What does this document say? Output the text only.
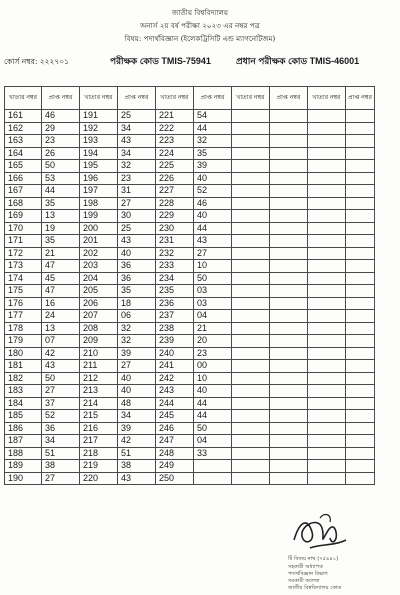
জাতীয় বিশ্ববিদ্যালয়
অনার্স ২য় বর্ষ পরীক্ষা ২০২৩ এর নম্বর পত্র
বিষয়: পদার্থবিজ্ঞান (ইলেকট্রিসিটি এন্ড ম্যাগনেটিজম)
কোর্স নম্বর: ২২২৭০১	পরীক্ষক কোড TMIS-75941	প্রধান পরীক্ষক কোড TMIS-46001
খাতার নম্বর	প্রাপ্ত নম্বর	খাতার নম্বর	প্রাপ্ত নম্বর	খাতার নম্বর	প্রাপ্ত নম্বর	খাতার নম্বর	প্রাপ্ত নম্বর	খাতার নম্বর	প্রাপ্ত নম্বর
161	46	191	25	221	54				
162	29	192	34	222	44				
163	23	193	43	223	32				
164	26	194	34	224	35				
165	50	195	32	225	39				
166	53	196	23	226	40				
167	44	197	31	227	52				
168	35	198	27	228	46				
169	13	199	30	229	40				
170	19	200	25	230	44				
171	35	201	43	231	43				
172	21	202	40	232	27				
173	47	203	36	233	10				
174	45	204	36	234	50				
175	47	205	35	235	03				
176	16	206	18	236	03				
177	24	207	06	237	04				
178	13	208	32	238	21				
179	07	209	32	239	20				
180	42	210	39	240	23				
181	43	211	27	241	00				
182	50	212	40	242	10				
183	27	213	40	243	40				
184	37	214	48	244	44				
185	52	215	34	245	44				
186	36	216	39	246	50				
187	34	217	42	247	04				
188	51	218	51	248	33				
189	38	219	38	249					
190	27	220	43	250					
টি বিজয় নাথ (৭৫৯৪১)
সহকারী অধ্যাপক
পদার্থবিজ্ঞান বিভাগ
সরকারী কলেজ
জাতীয় বিশ্ববিদ্যালয় কোড
